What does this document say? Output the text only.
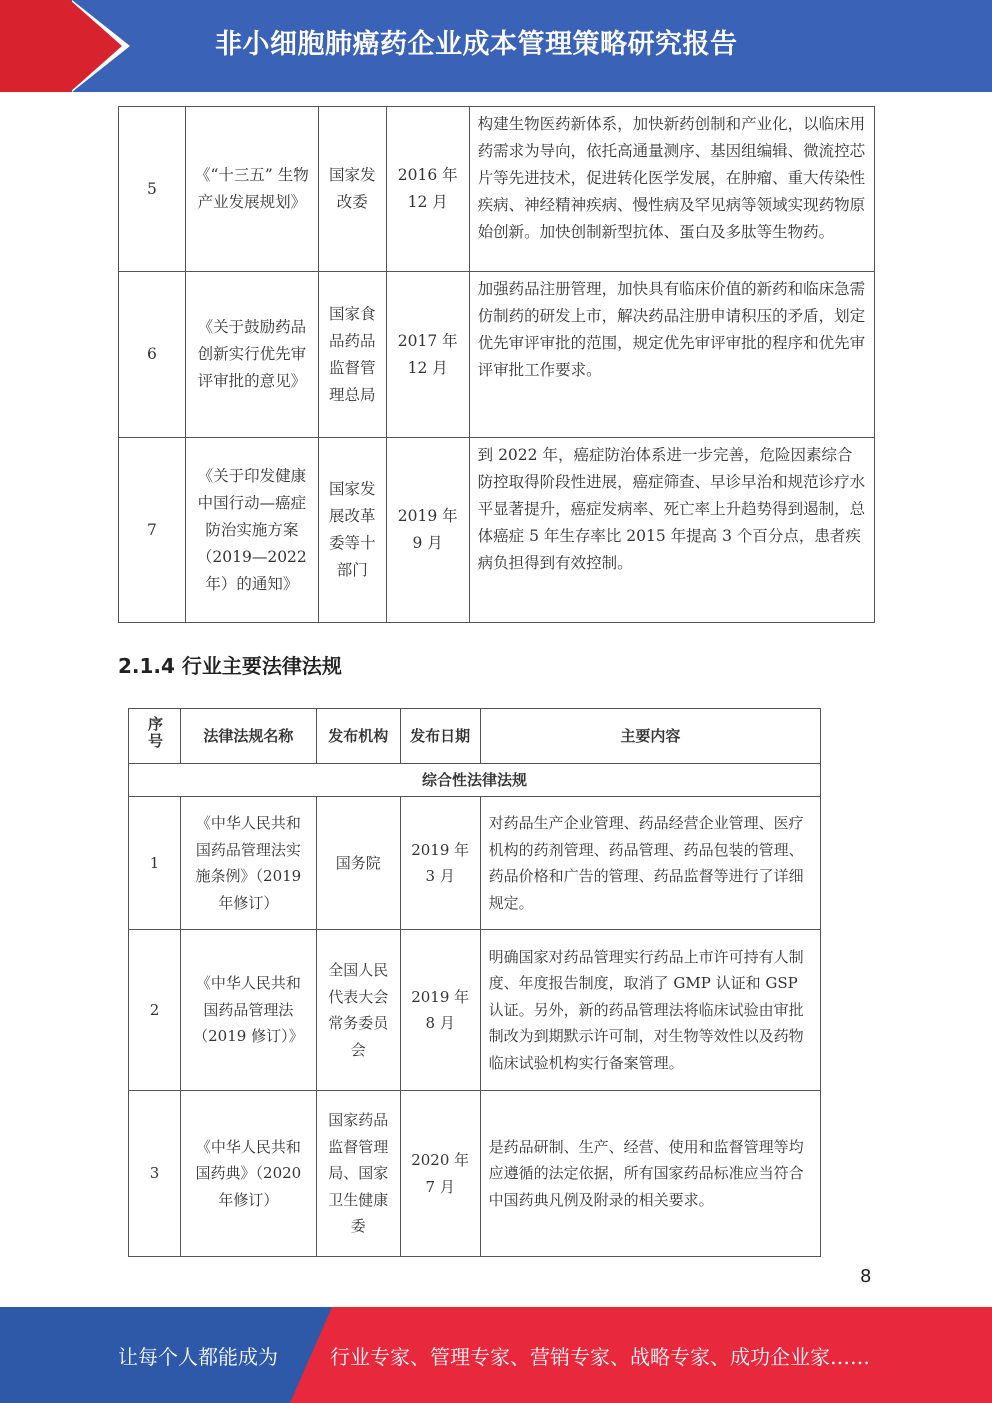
非小细胞肺癌药企业成本管理策略研究报告
5	《“十三五” 生物产业发展规划》	国家发改委	2016 年 12 月	构建生物医药新体系，加快新药创制和产业化，以临床用药需求为导向，依托高通量测序、基因组编辑、微流控芯片等先进技术，促进转化医学发展，在肿瘤、重大传染性疾病、神经精神疾病、慢性病及罕见病等领域实现药物原始创新。加快创制新型抗体、蛋白及多肽等生物药。
6	《关于鼓励药品创新实行优先审评审批的意见》	国家食品药品监督管理总局	2017 年 12 月	加强药品注册管理，加快具有临床价值的新药和临床急需仿制药的研发上市，解决药品注册申请积压的矛盾，划定优先审评审批的范围，规定优先审评审批的程序和优先审评审批工作要求。
7	《关于印发健康中国行动—癌症防治实施方案（2019—2022 年）的通知》	国家发展改革委等十部门	2019 年 9 月	到 2022 年，癌症防治体系进一步完善，危险因素综合防控取得阶段性进展，癌症筛查、早诊早治和规范诊疗水平显著提升，癌症发病率、死亡率上升趋势得到遏制，总体癌症 5 年生存率比 2015 年提高 3 个百分点，患者疾病负担得到有效控制。
2.1.4 行业主要法律法规
序号	法律法规名称	发布机构	发布日期	主要内容
综合性法律法规				
1	《中华人民共和国药品管理法实施条例》（2019 年修订）	国务院	2019 年 3 月	对药品生产企业管理、药品经营企业管理、医疗机构的药剂管理、药品管理、药品包装的管理、药品价格和广告的管理、药品监督等进行了详细规定。
2	《中华人民共和国药品管理法（2019 修订）》	全国人民代表大会常务委员会	2019 年 8 月	明确国家对药品管理实行药品上市许可持有人制度、年度报告制度，取消了 GMP 认证和 GSP 认证。另外，新的药品管理法将临床试验由审批制改为到期默示许可制，对生物等效性以及药物临床试验机构实行备案管理。
3	《中华人民共和国药典》（2020 年修订）	国家药品监督管理局、国家卫生健康委	2020 年 7 月	是药品研制、生产、经营、使用和监督管理等均应遵循的法定依据，所有国家药品标准应当符合中国药典凡例及附录的相关要求。
8
让每个人都能成为	行业专家、管理专家、营销专家、战略专家、成功企业家……
